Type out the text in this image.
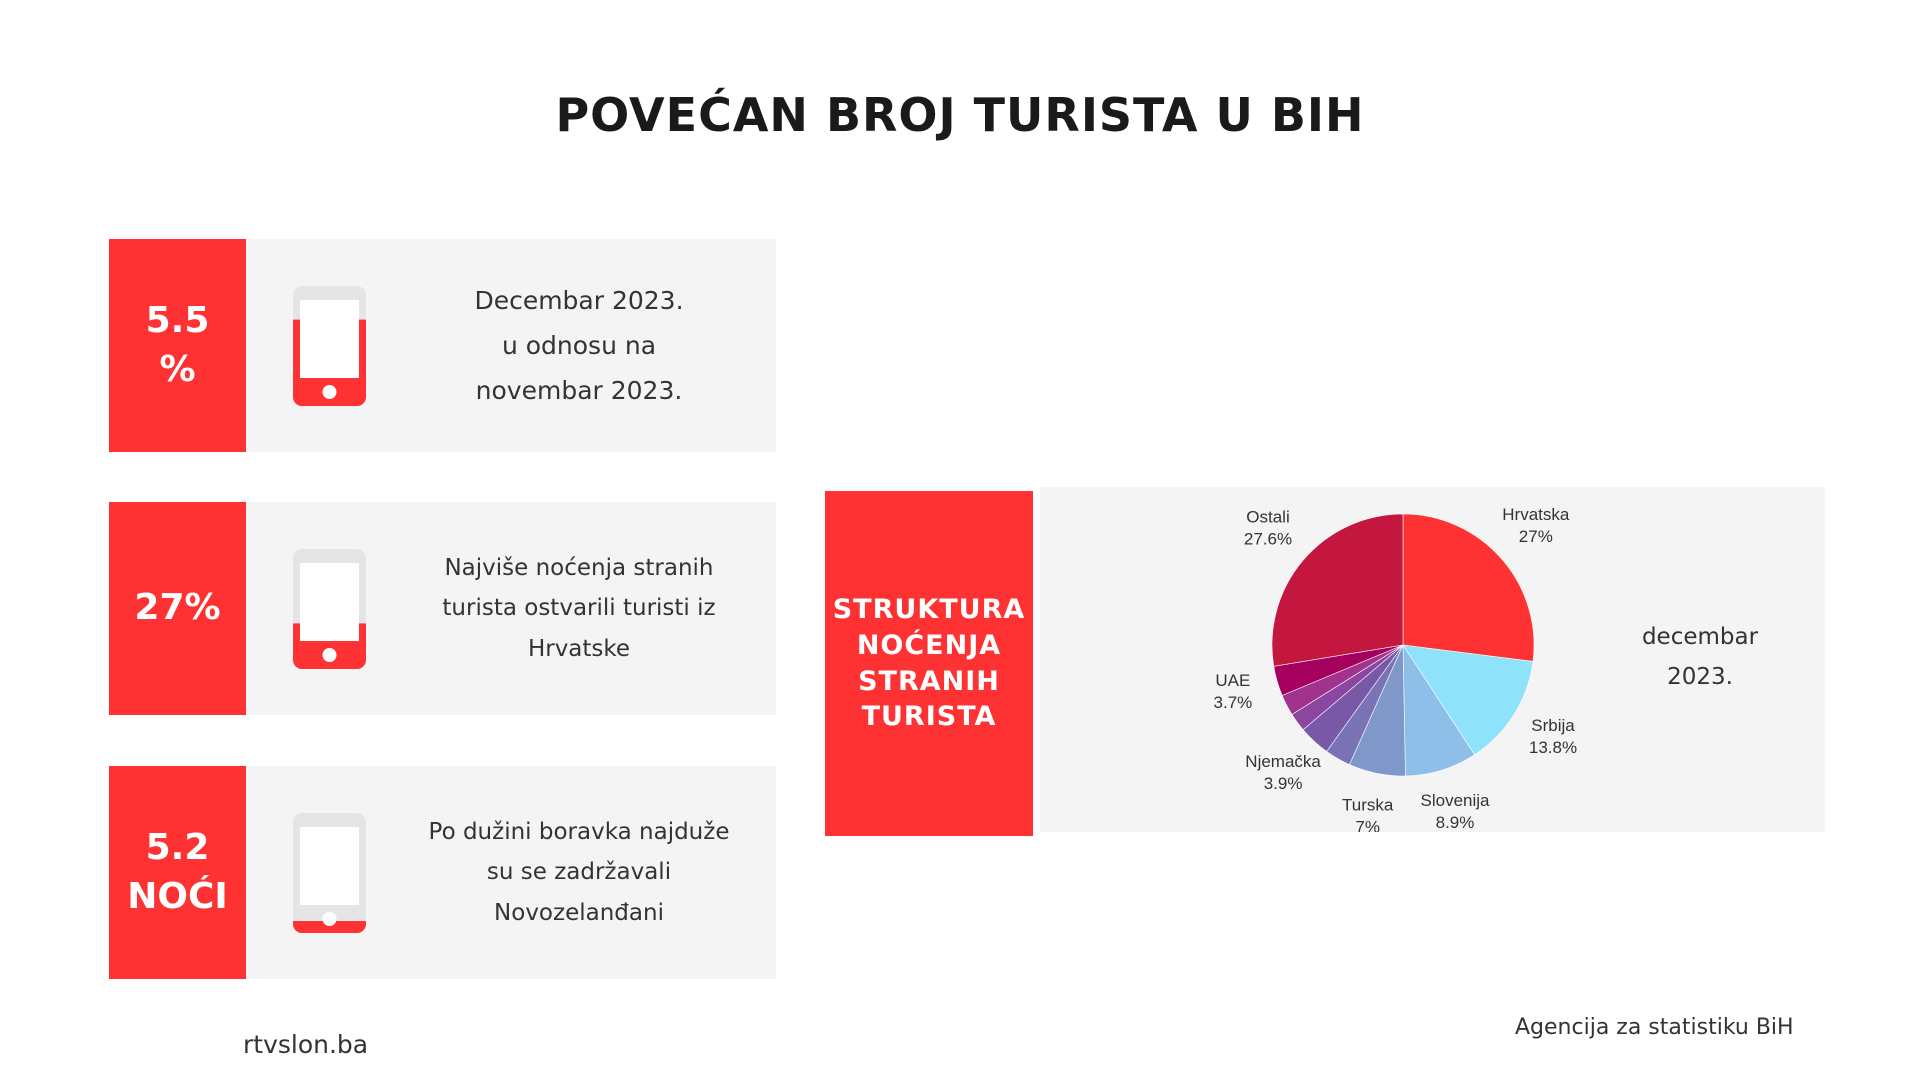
POVEĆAN BROJ TURISTA U BIH
5.5
%
Decembar 2023.
u odnosu na
novembar 2023.
27%
Najviše noćenja stranih
turista ostvarili turisti iz
Hrvatske
5.2
NOĆI
Po dužini boravka najduže
su se zadržavali
Novozelanđani
STRUKTURA
NOĆENJA
STRANIH
TURISTA
Hrvatska
27%
Srbija
13.8%
Slovenija
8.9%
Turska
7%
Njemačka
3.9%
UAE
3.7%
Ostali
27.6%
decembar
2023.
rtvslon.ba
Agencija za statistiku BiH
